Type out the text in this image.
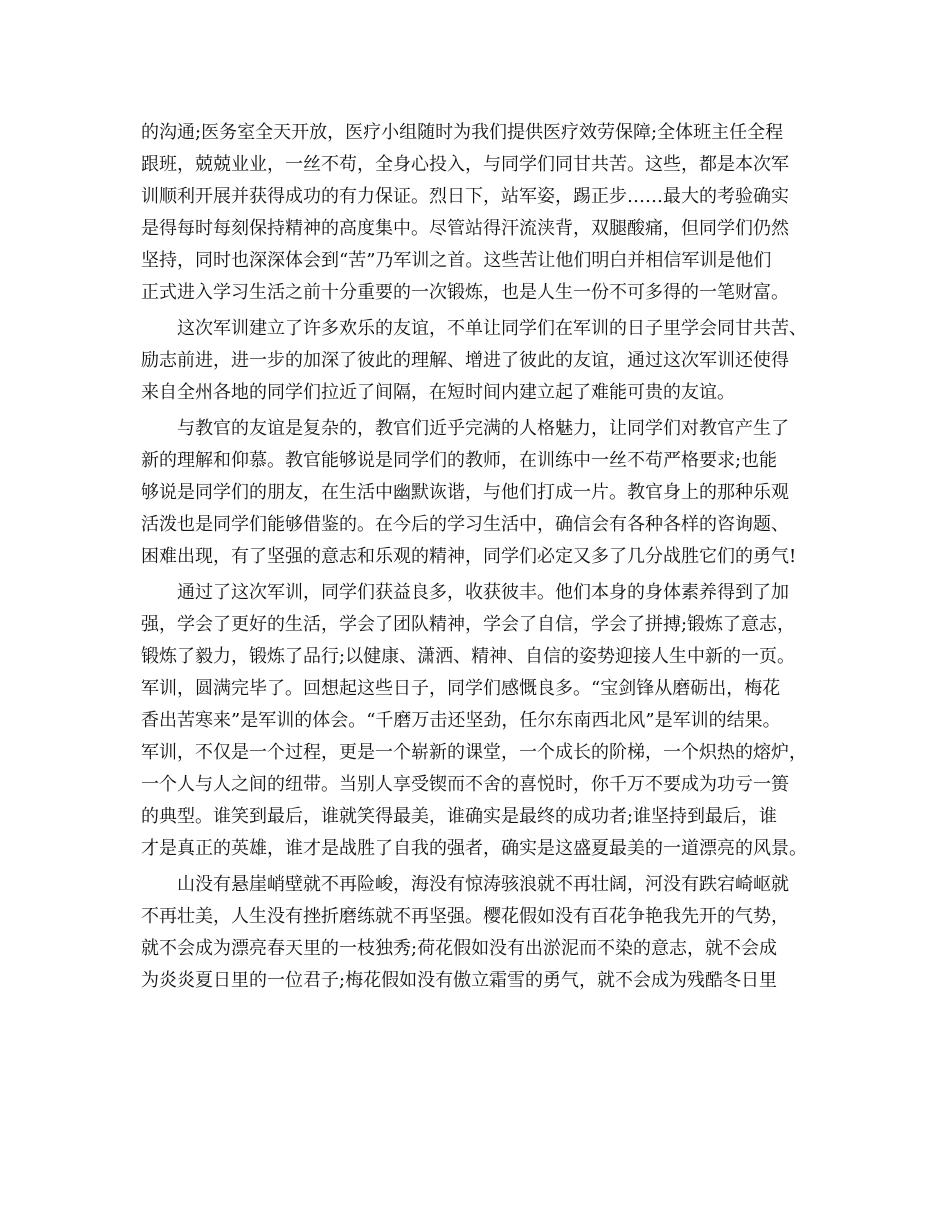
的沟通;医务室全天开放，医疗小组随时为我们提供医疗效劳保障;全体班主任全程
跟班，兢兢业业，一丝不苟，全身心投入，与同学们同甘共苦。这些，都是本次军
训顺利开展并获得成功的有力保证。烈日下，站军姿，踢正步……最大的考验确实
是得每时每刻保持精神的高度集中。尽管站得汗流浃背，双腿酸痛，但同学们仍然
坚持，同时也深深体会到“苦”乃军训之首。这些苦让他们明白并相信军训是他们
正式进入学习生活之前十分重要的一次锻炼，也是人生一份不可多得的一笔财富。
　　这次军训建立了许多欢乐的友谊，不单让同学们在军训的日子里学会同甘共苦、
励志前进，进一步的加深了彼此的理解、增进了彼此的友谊，通过这次军训还使得
来自全州各地的同学们拉近了间隔，在短时间内建立起了难能可贵的友谊。
　　与教官的友谊是复杂的，教官们近乎完满的人格魅力，让同学们对教官产生了
新的理解和仰慕。教官能够说是同学们的教师，在训练中一丝不苟严格要求;也能
够说是同学们的朋友，在生活中幽默诙谐，与他们打成一片。教官身上的那种乐观
活泼也是同学们能够借鉴的。在今后的学习生活中，确信会有各种各样的咨询题、
困难出现，有了坚强的意志和乐观的精神，同学们必定又多了几分战胜它们的勇气!
　　通过了这次军训，同学们获益良多，收获彼丰。他们本身的身体素养得到了加
强，学会了更好的生活，学会了团队精神，学会了自信，学会了拼搏;锻炼了意志，
锻炼了毅力，锻炼了品行;以健康、潇洒、精神、自信的姿势迎接人生中新的一页。
军训，圆满完毕了。回想起这些日子，同学们感慨良多。“宝剑锋从磨砺出，梅花
香出苦寒来”是军训的体会。“千磨万击还坚劲，任尔东南西北风”是军训的结果。
军训，不仅是一个过程，更是一个崭新的课堂，一个成长的阶梯，一个炽热的熔炉，
一个人与人之间的纽带。当别人享受锲而不舍的喜悦时，你千万不要成为功亏一篑
的典型。谁笑到最后，谁就笑得最美，谁确实是最终的成功者;谁坚持到最后，谁
才是真正的英雄，谁才是战胜了自我的强者，确实是这盛夏最美的一道漂亮的风景。
　　山没有悬崖峭壁就不再险峻，海没有惊涛骇浪就不再壮阔，河没有跌宕崎岖就
不再壮美，人生没有挫折磨练就不再坚强。樱花假如没有百花争艳我先开的气势，
就不会成为漂亮春天里的一枝独秀;荷花假如没有出淤泥而不染的意志，就不会成
为炎炎夏日里的一位君子;梅花假如没有傲立霜雪的勇气，就不会成为残酷冬日里
